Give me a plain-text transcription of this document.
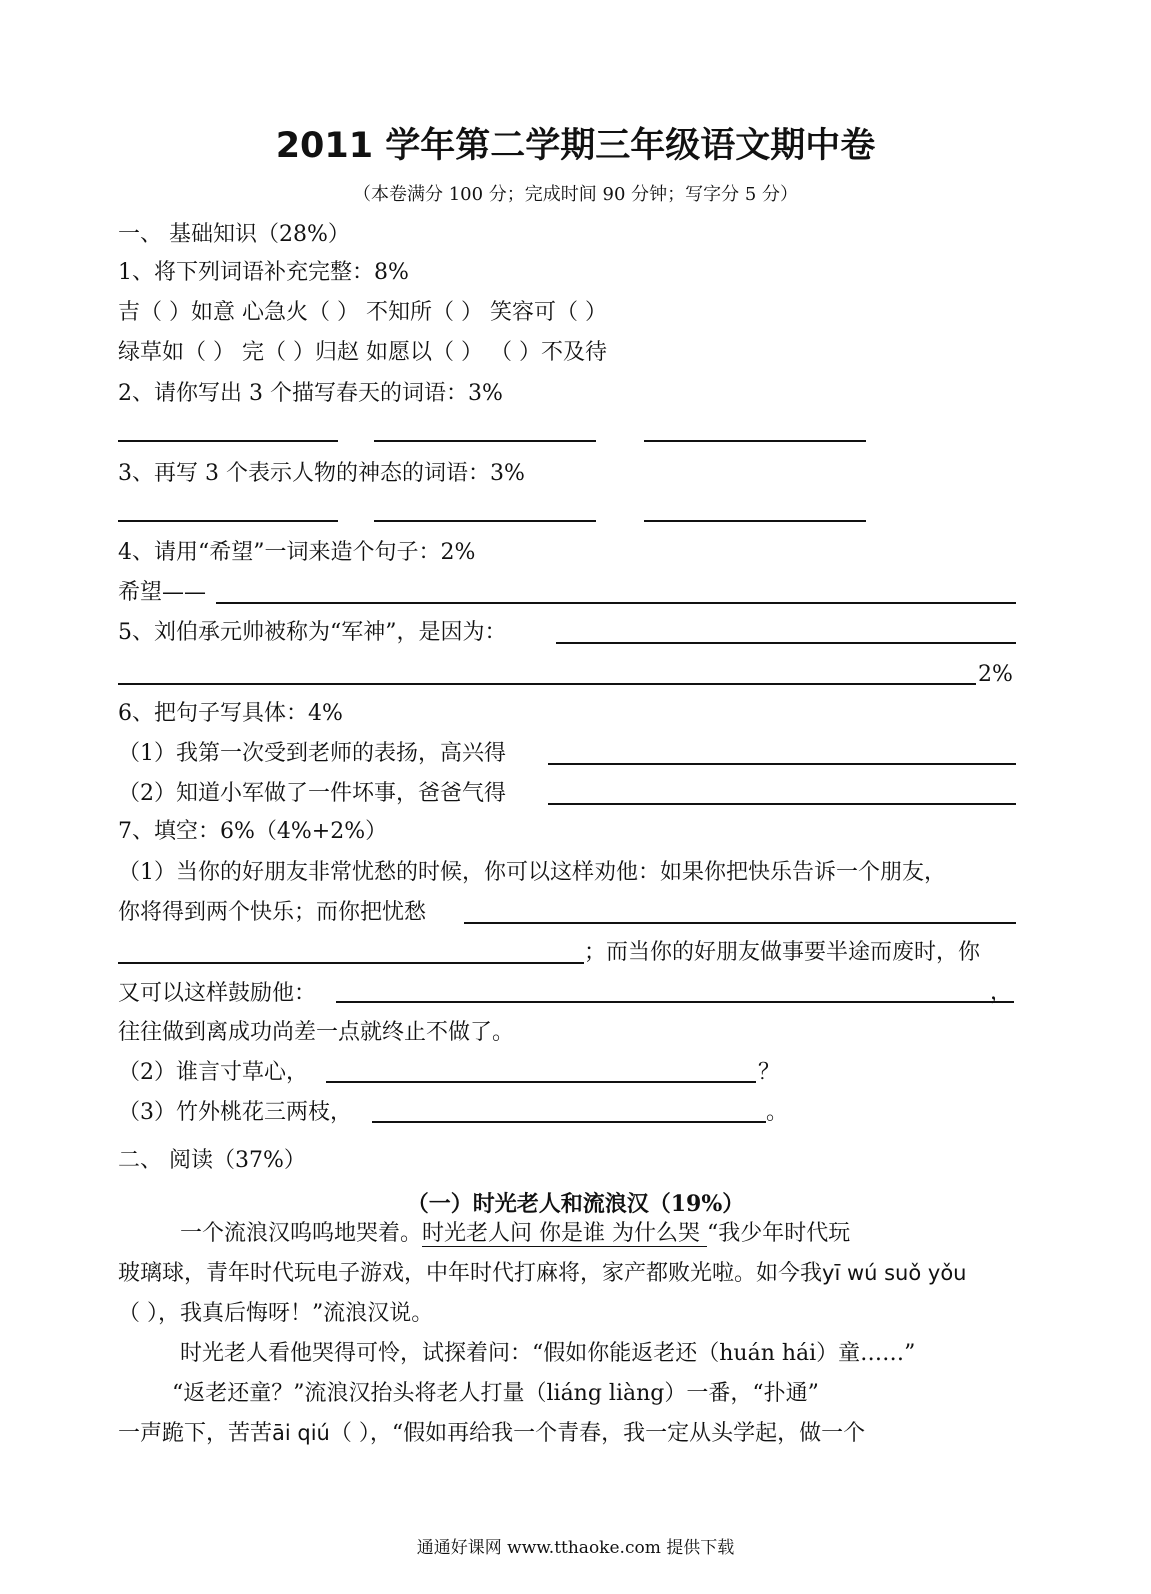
2011 学年第二学期三年级语文期中卷
（本卷满分 100 分；完成时间 90 分钟；写字分 5 分）
一、 基础知识（28%）
1、将下列词语补充完整：8%
吉（ ）如意 心急火（ ） 不知所（ ） 笑容可（ ）
绿草如（ ） 完（ ）归赵 如愿以（ ） （ ）不及待
2、请你写出 3 个描写春天的词语：3%
3、再写 3 个表示人物的神态的词语：3%
4、请用“希望”一词来造个句子：2%
希望——
5、刘伯承元帅被称为“军神”，是因为：
2%
6、把句子写具体：4%
（1）我第一次受到老师的表扬，高兴得
（2）知道小军做了一件坏事，爸爸气得
7、填空：6%（4%+2%）
（1）当你的好朋友非常忧愁的时候，你可以这样劝他：如果你把快乐告诉一个朋友，
你将得到两个快乐；而你把忧愁
；而当你的好朋友做事要半途而废时，你
又可以这样鼓励他：	，
往往做到离成功尚差一点就终止不做了。
（2）谁言寸草心，	？
（3）竹外桃花三两枝，	。
二、 阅读（37%）
（一）时光老人和流浪汉（19%）
一个流浪汉呜呜地哭着。时光老人问 你是谁 为什么哭 “我少年时代玩
玻璃球，青年时代玩电子游戏，中年时代打麻将，家产都败光啦。如今我yī wú suǒ yǒu
（ ），我真后悔呀！”流浪汉说。
时光老人看他哭得可怜，试探着问：“假如你能返老还（huán hái）童……”
“返老还童？”流浪汉抬头将老人打量（liáng liàng）一番，“扑通”
一声跪下，苦苦āi qiú（ ），“假如再给我一个青春，我一定从头学起，做一个
通通好课网 www.tthaoke.com 提供下载
